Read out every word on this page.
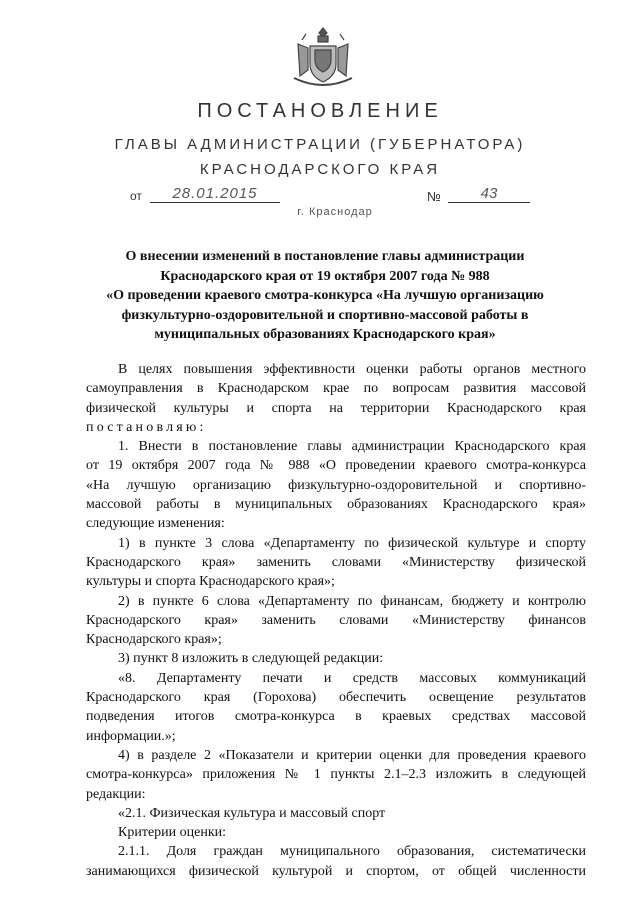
ПОСТАНОВЛЕНИЕ
ГЛАВЫ АДМИНИСТРАЦИИ (ГУБЕРНАТОРА)
КРАСНОДАРСКОГО КРАЯ
от	28.01.2015	№	43
г. Краснодар
О внесении изменений в постановление главы администрации
Краснодарского края от 19 октября 2007 года № 988
«О проведении краевого смотра-конкурса «На лучшую организацию
физкультурно-оздоровительной и спортивно-массовой работы в
муниципальных образованиях Краснодарского края»
В целях повышения эффективности оценки работы органов местного
самоуправления в Краснодарском крае по вопросам развития массовой
физической культуры и спорта на территории Краснодарского края
постановляю:
1. Внести в постановление главы администрации Краснодарского края
от 19 октября 2007 года № 988 «О проведении краевого смотра-конкурса
«На лучшую организацию физкультурно-оздоровительной и спортивно-
массовой работы в муниципальных образованиях Краснодарского края»
следующие изменения:
1) в пункте 3 слова «Департаменту по физической культуре и спорту
Краснодарского края» заменить словами «Министерству физической
культуры и спорта Краснодарского края»;
2) в пункте 6 слова «Департаменту по финансам, бюджету и контролю
Краснодарского края» заменить словами «Министерству финансов
Краснодарского края»;
3) пункт 8 изложить в следующей редакции:
«8. Департаменту печати и средств массовых коммуникаций
Краснодарского края (Горохова) обеспечить освещение результатов
подведения итогов смотра-конкурса в краевых средствах массовой
информации.»;
4) в разделе 2 «Показатели и критерии оценки для проведения краевого
смотра-конкурса» приложения № 1 пункты 2.1–2.3 изложить в следующей
редакции:
«2.1. Физическая культура и массовый спорт
Критерии оценки:
2.1.1. Доля граждан муниципального образования, систематически
занимающихся физической культурой и спортом, от общей численности
